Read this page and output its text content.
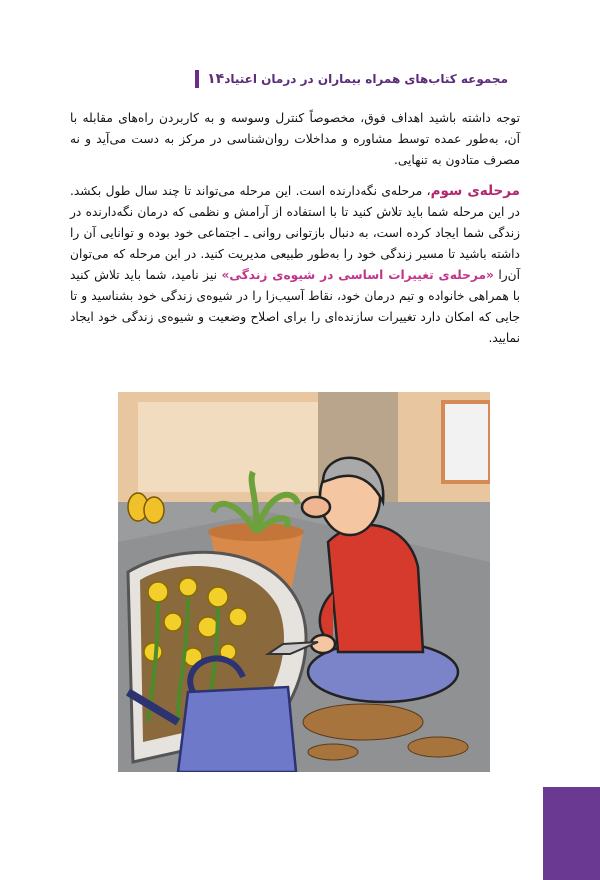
۱۴ مجموعه کتاب‌های همراه بیماران در درمان اعتیاد

توجه داشته باشید اهداف فوق، مخصوصاً کنترل وسوسه و به کاربردن راه‌های مقابله با آن، به‌طور عمده توسط مشاوره و مداخلات روان‌شناسی در مرکز به دست می‌آید و نه مصرف متادون به تنهایی.

مرحله‌ی سوم، مرحله‌ی نگه‌دارنده است. این مرحله می‌تواند تا چند سال طول بکشد. در این مرحله شما باید تلاش کنید تا با استفاده از آرامش و نظمی که درمان نگه‌دارنده در زندگی شما ایجاد کرده است، به دنبال بازتوانی روانی ـ اجتماعی خود بوده و توانایی آن را داشته باشید تا مسیر زندگی خود را به‌طور طبیعی مدیریت کنید. در این مرحله که می‌توان آن‌را «مرحله‌ی تغییرات اساسی در شیوه‌ی زندگی» نیز نامید، شما باید تلاش کنید با همراهی خانواده و تیم درمان خود، نقاط آسیب‌زا را در شیوه‌ی زندگی خود بشناسید و تا جایی که امکان دارد تغییرات سازنده‌ای را برای اصلاح وضعیت و شیوه‌ی زندگی خود ایجاد نمایید.
